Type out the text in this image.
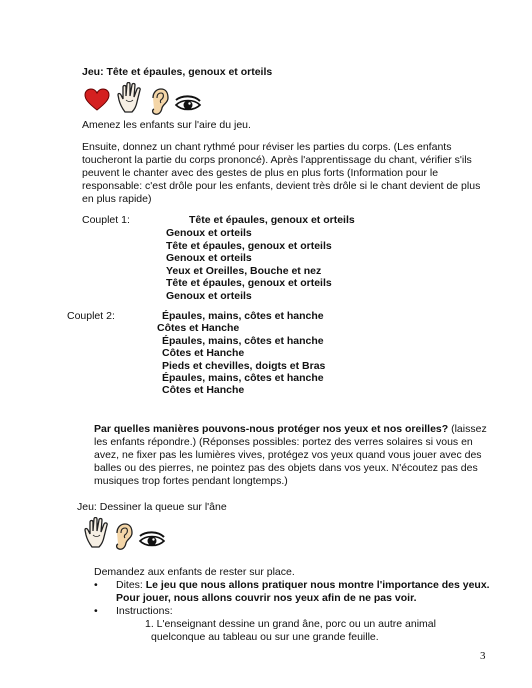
Jeu: Tête et épaules, genoux et orteils
Amenez les enfants sur l'aire du jeu.
Ensuite, donnez un chant rythmé pour réviser les parties du corps. (Les enfants
toucheront la partie du corps prononcé). Après l'apprentissage du chant, vérifier s'ils
peuvent le chanter avec des gestes de plus en plus forts (Information pour le
responsable: c'est drôle pour les enfants, devient très drôle si le chant devient de plus
en plus rapide)
Couplet 1:	Tête et épaules, genoux et orteils
Genoux et orteils
Tête et épaules, genoux et orteils
Genoux et orteils
Yeux et Oreilles, Bouche et nez
Tête et épaules, genoux et orteils
Genoux et orteils
Couplet 2:	Épaules, mains, côtes et hanche
Côtes et Hanche
Épaules, mains, côtes et hanche
Côtes et Hanche
Pieds et chevilles, doigts et Bras
Épaules, mains, côtes et hanche
Côtes et Hanche
Par quelles manières pouvons-nous protéger nos yeux et nos oreilles? (laissez
les enfants répondre.) (Réponses possibles: portez des verres solaires si vous en
avez, ne fixer pas les lumières vives, protégez vos yeux quand vous jouer avec des
balles ou des pierres, ne pointez pas des objets dans vos yeux. N'écoutez pas des
musiques trop fortes pendant longtemps.)
Jeu: Dessiner la queue sur l'âne
Demandez aux enfants de rester sur place.
• Dites: Le jeu que nous allons pratiquer nous montre l'importance des yeux.
Pour jouer, nous allons couvrir nos yeux afin de ne pas voir.
• Instructions:
1. L'enseignant dessine un grand âne, porc ou un autre animal
quelconque au tableau ou sur une grande feuille.
3
